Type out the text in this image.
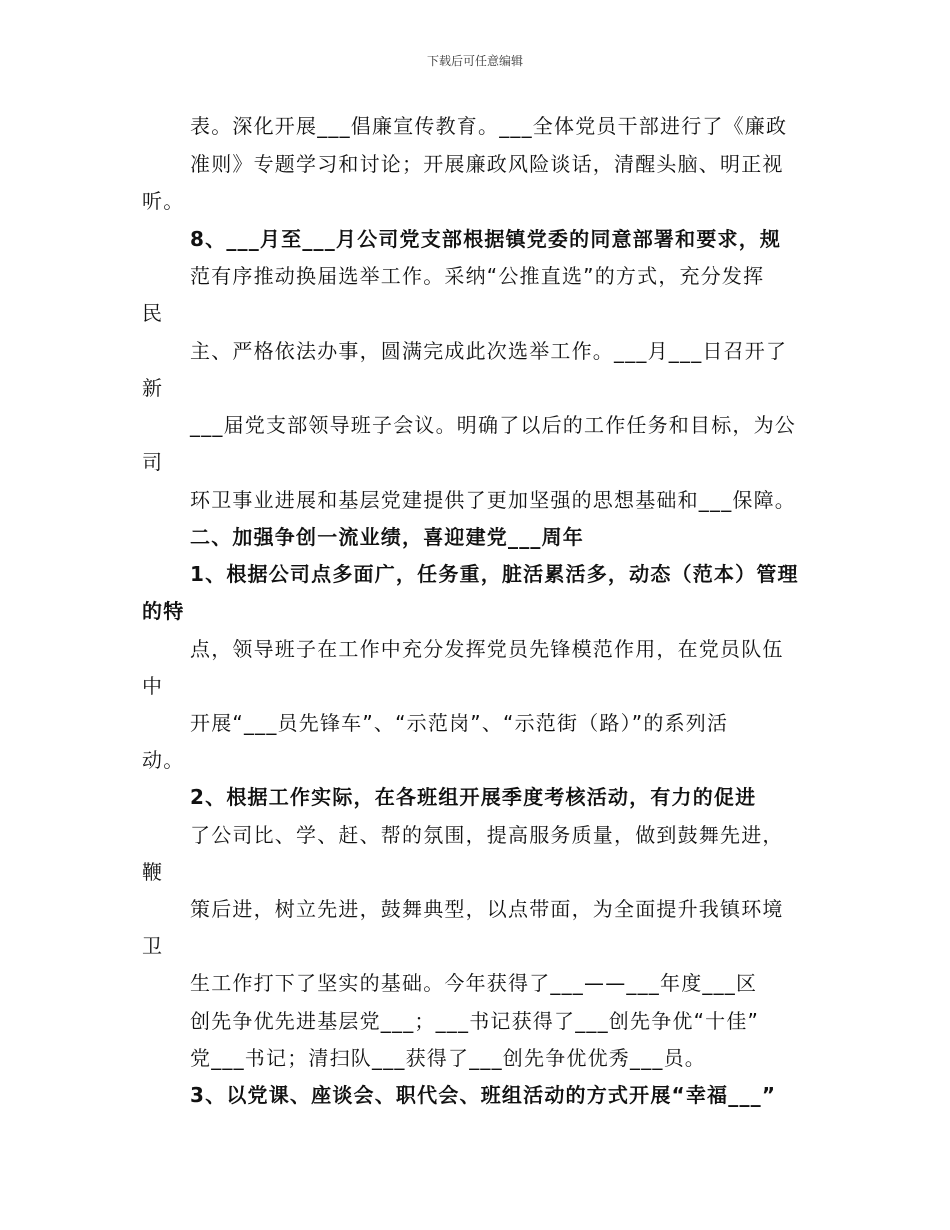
下载后可任意编辑
表。深化开展___倡廉宣传教育。___全体党员干部进行了《廉政
准则》专题学习和讨论；开展廉政风险谈话，清醒头脑、明正视
听。
8、___月至___月公司党支部根据镇党委的同意部署和要求，规
范有序推动换届选举工作。采纳“公推直选”的方式，充分发挥
民
主、严格依法办事，圆满完成此次选举工作。___月___日召开了
新
___届党支部领导班子会议。明确了以后的工作任务和目标，为公
司
环卫事业进展和基层党建提供了更加坚强的思想基础和___保障。
二、加强争创一流业绩，喜迎建党___周年
1、根据公司点多面广，任务重，脏活累活多，动态（范本）管理
的特
点，领导班子在工作中充分发挥党员先锋模范作用，在党员队伍
中
开展“___员先锋车”、“示范岗”、“示范街（路）”的系列活
动。
2、根据工作实际，在各班组开展季度考核活动，有力的促进
了公司比、学、赶、帮的氛围，提高服务质量，做到鼓舞先进，
鞭
策后进，树立先进，鼓舞典型，以点带面，为全面提升我镇环境
卫
生工作打下了坚实的基础。今年获得了___——___年度___区
创先争优先进基层党___；___书记获得了___创先争优“十佳”
党___书记；清扫队___获得了___创先争优优秀___员。
3、以党课、座谈会、职代会、班组活动的方式开展“幸福___”
